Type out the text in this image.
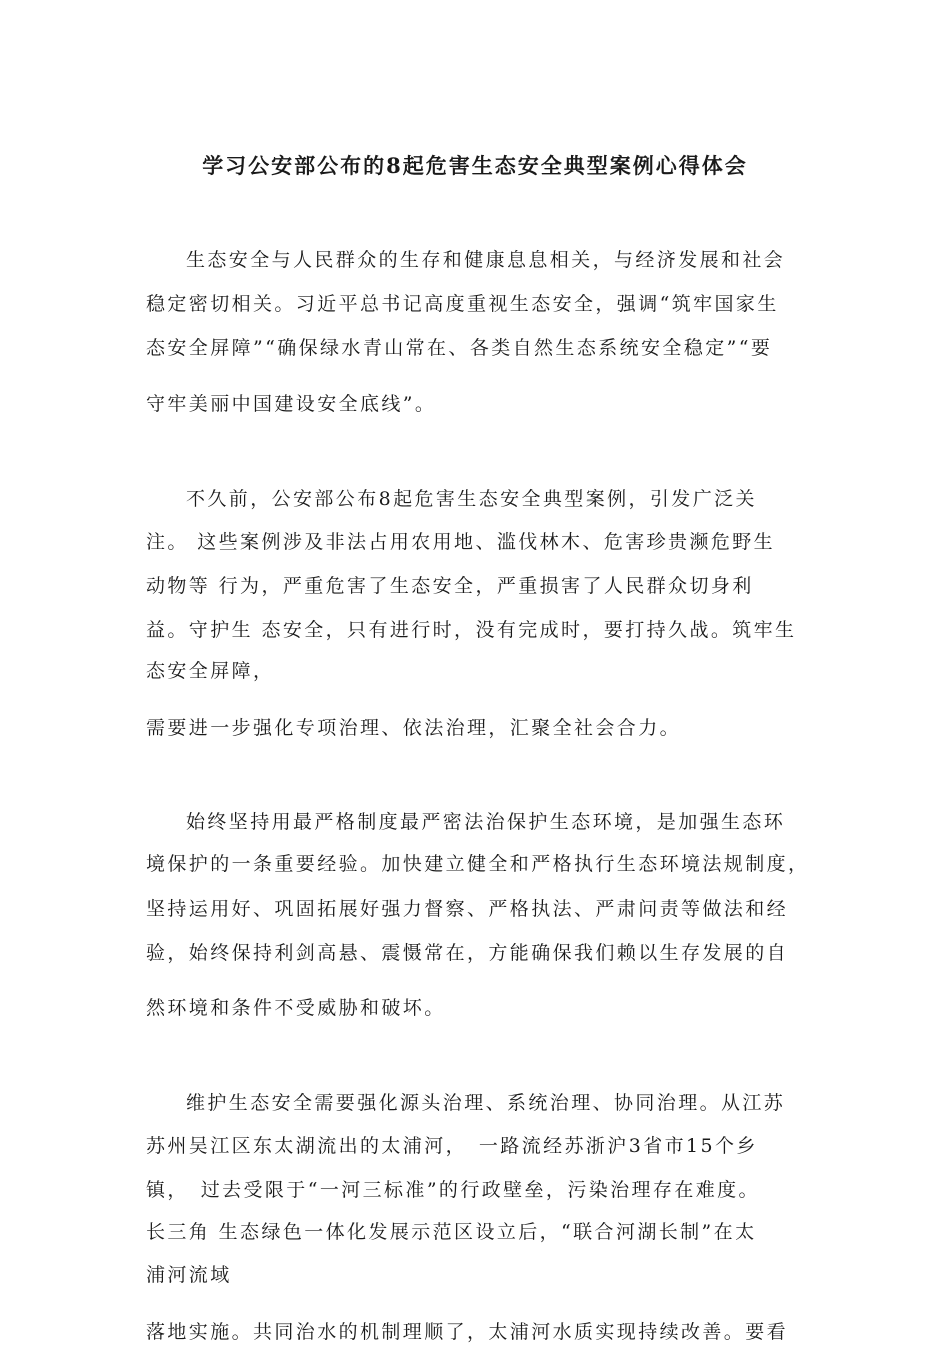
学习公安部公布的8起危害生态安全典型案例心得体会
生态安全与人民群众的生存和健康息息相关，与经济发展和社会
稳定密切相关。习近平总书记高度重视生态安全，强调“筑牢国家生
态安全屏障”“确保绿水青山常在、各类自然生态系统安全稳定”“要
守牢美丽中国建设安全底线”。
不久前，公安部公布8起危害生态安全典型案例，引发广泛关
注。 这些案例涉及非法占用农用地、滥伐林木、危害珍贵濒危野生
动物等 行为，严重危害了生态安全，严重损害了人民群众切身利
益。守护生 态安全，只有进行时，没有完成时，要打持久战。筑牢生
态安全屏障，
需要进一步强化专项治理、依法治理，汇聚全社会合力。
始终坚持用最严格制度最严密法治保护生态环境，是加强生态环
境保护的一条重要经验。加快建立健全和严格执行生态环境法规制度，
坚持运用好、巩固拓展好强力督察、严格执法、严肃问责等做法和经
验，始终保持利剑高悬、震慑常在，方能确保我们赖以生存发展的自
然环境和条件不受威胁和破坏。
维护生态安全需要强化源头治理、系统治理、协同治理。从江苏
苏州吴江区东太湖流出的太浦河，　一路流经苏浙沪3省市15个乡
镇，　过去受限于“一河三标准”的行政壁垒，污染治理存在难度。
长三角 生态绿色一体化发展示范区设立后，“联合河湖长制”在太
浦河流域
落地实施。共同治水的机制理顺了，太浦河水质实现持续改善。要看
